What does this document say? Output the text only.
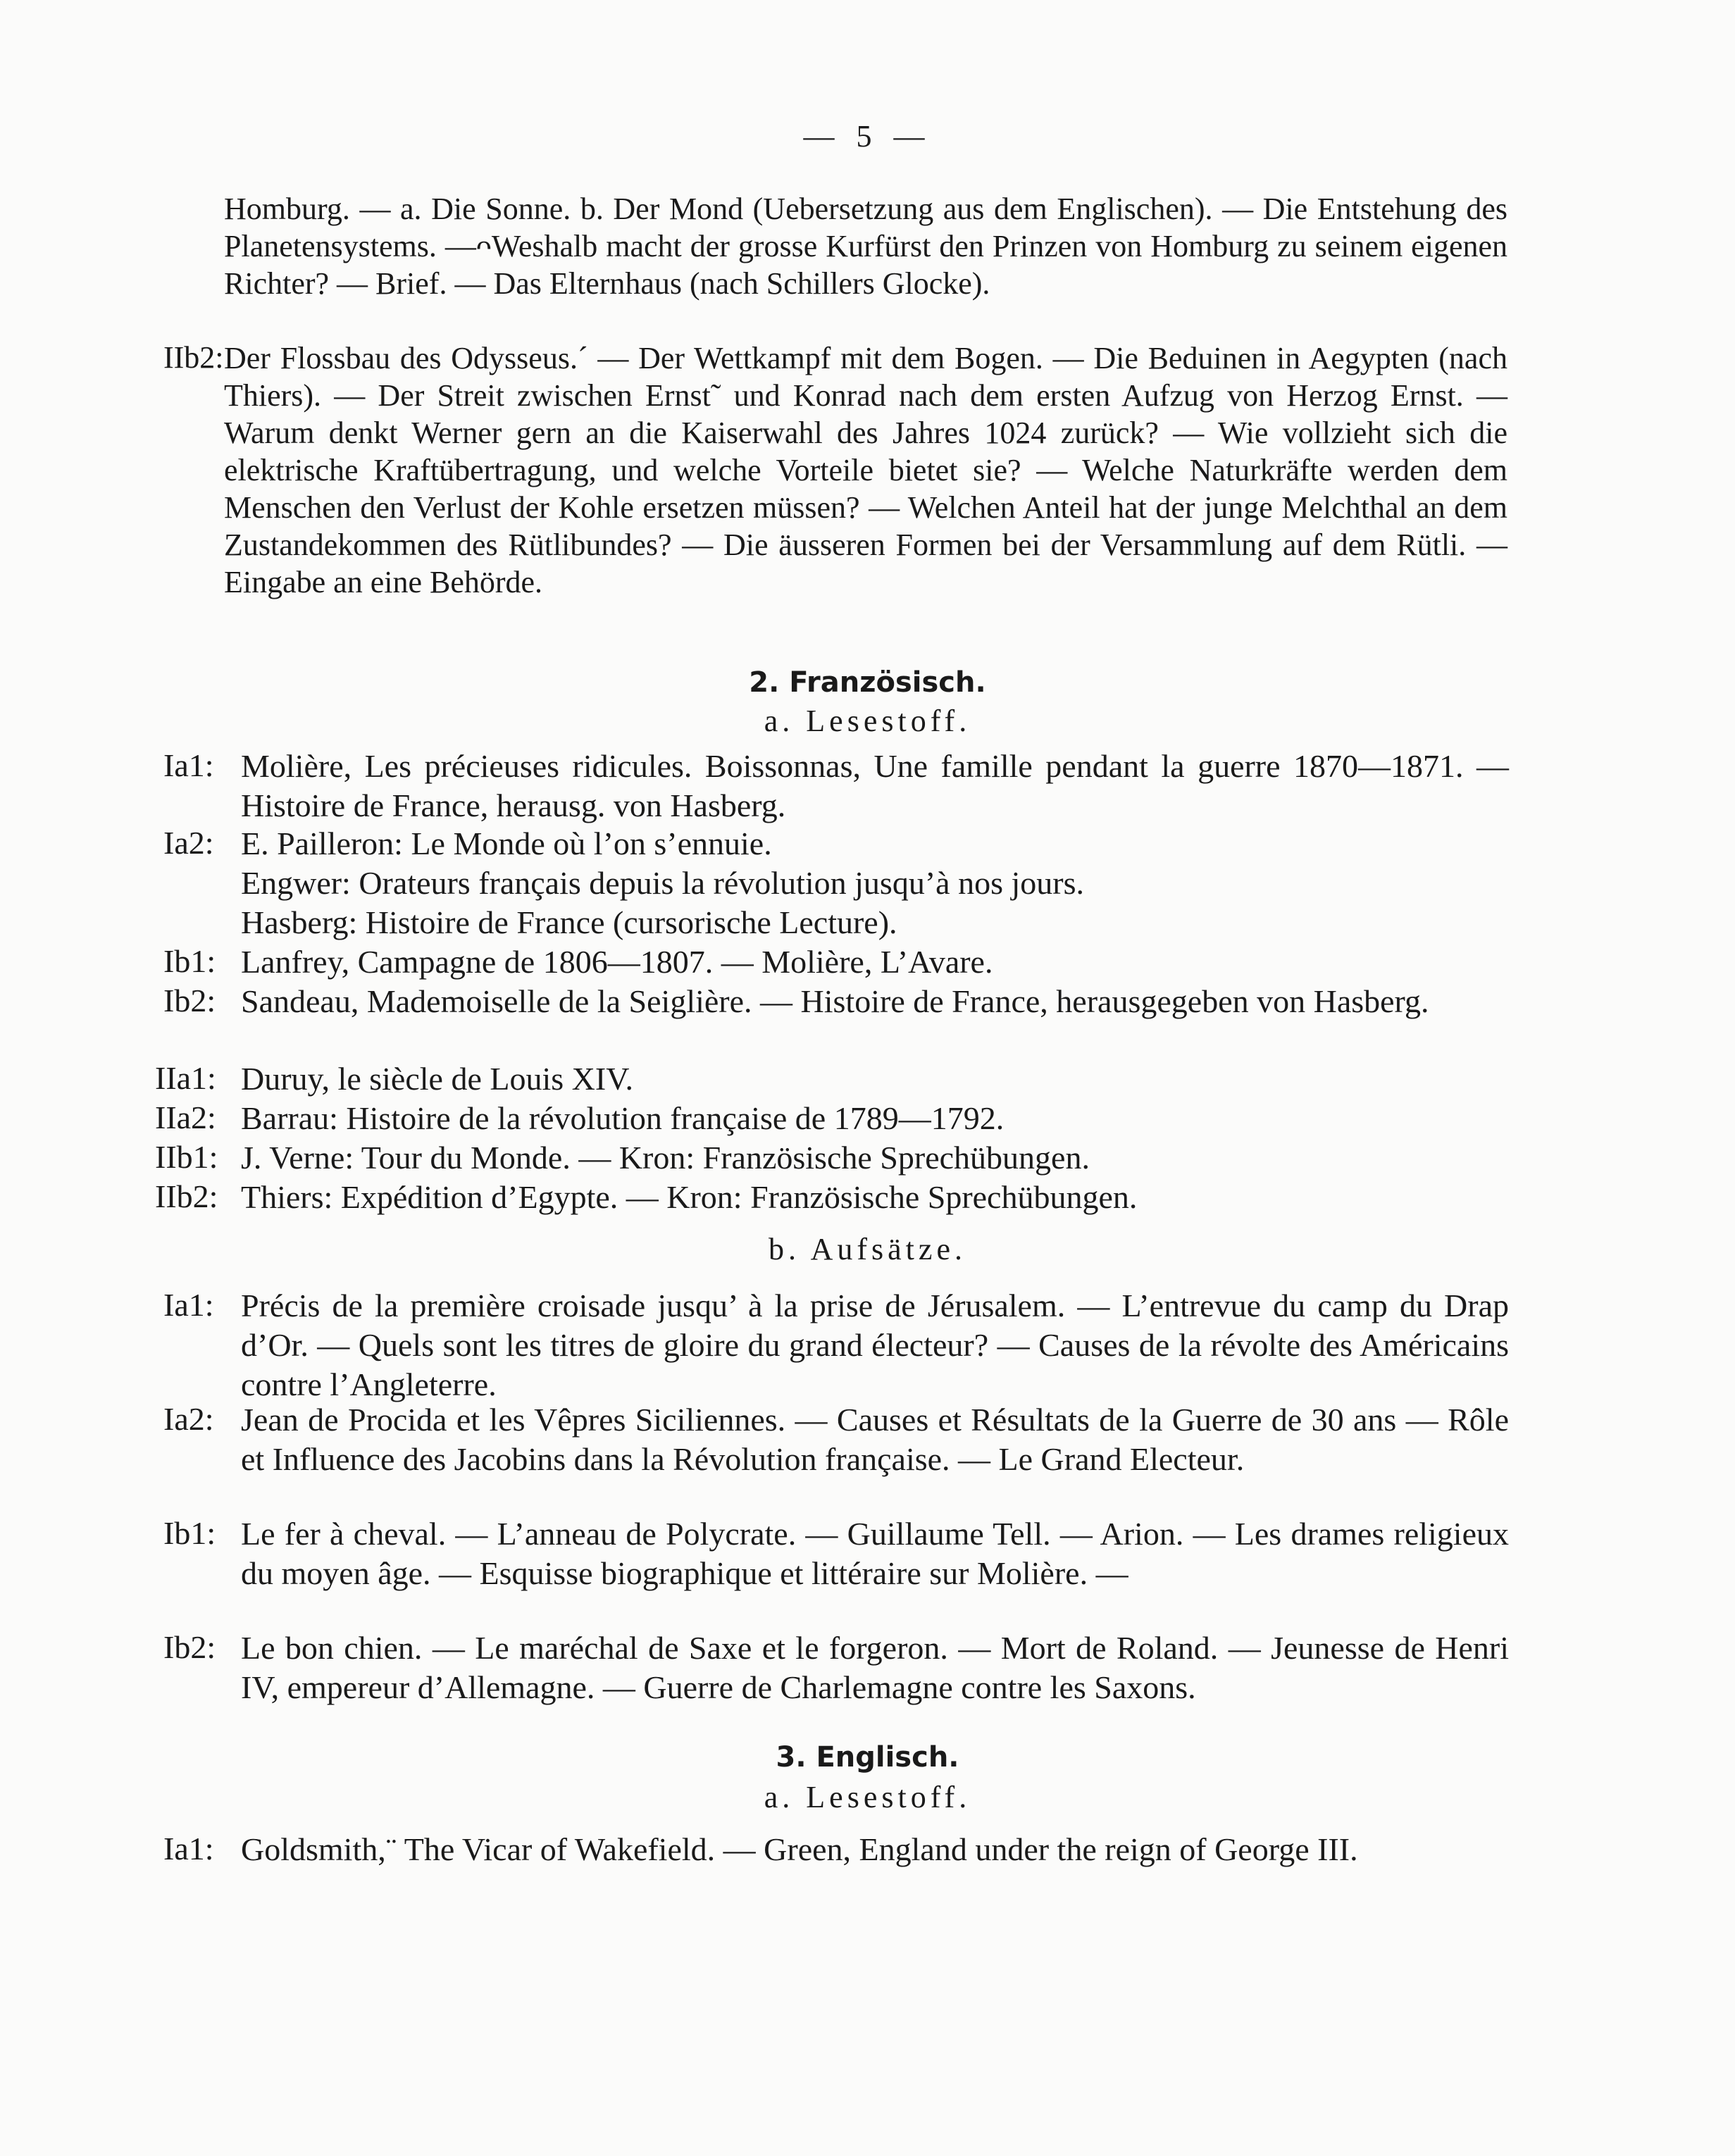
— 5 —
Homburg. — a. Die Sonne. b. Der Mond (Uebersetzung aus dem Englischen). — Die Entstehung des Planetensystems. —ᴖWeshalb macht der grosse Kurfürst den Prinzen von Homburg zu seinem eigenen Richter? — Brief. — Das Elternhaus (nach Schillers Glocke).
IIb2: Der Flossbau des Odysseus.´ — Der Wettkampf mit dem Bogen. — Die Beduinen in Aegypten (nach Thiers). — Der Streit zwischen Ernst˜ und Konrad nach dem ersten Aufzug von Herzog Ernst. — Warum denkt Werner gern an die Kaiserwahl des Jahres 1024 zurück? — Wie vollzieht sich die elektrische Kraftübertragung, und welche Vorteile bietet sie? — Welche Naturkräfte werden dem Menschen den Verlust der Kohle ersetzen müssen? — Welchen Anteil hat der junge Melchthal an dem Zustandekommen des Rütlibundes? — Die äusseren Formen bei der Versammlung auf dem Rütli. — Eingabe an eine Behörde.
2. Französisch.
a. Lesestoff.
Ia1: Molière, Les précieuses ridicules. Boissonnas, Une famille pendant la guerre 1870—1871. — Histoire de France, herausg. von Hasberg.
Ia2: E. Pailleron: Le Monde où l’on s’ennuie.
Engwer: Orateurs français depuis la révolution jusqu’à nos jours.
Hasberg: Histoire de France (cursorische Lecture).
Ib1: Lanfrey, Campagne de 1806—1807. — Molière, L’Avare.
Ib2: Sandeau, Mademoiselle de la Seiglière. — Histoire de France, herausgegeben von Hasberg.
IIa1: Duruy, le siècle de Louis XIV.
IIa2: Barrau: Histoire de la révolution française de 1789—1792.
IIb1: J. Verne: Tour du Monde. — Kron: Französische Sprechübungen.
IIb2: Thiers: Expédition d’Egypte. — Kron: Französische Sprechübungen.
b. Aufsätze.
Ia1: Précis de la première croisade jusqu’ à la prise de Jérusalem. — L’entrevue du camp du Drap d’Or. — Quels sont les titres de gloire du grand électeur? — Causes de la révolte des Américains contre l’Angleterre.
Ia2: Jean de Procida et les Vêpres Siciliennes. — Causes et Résultats de la Guerre de 30 ans — Rôle et Influence des Jacobins dans la Révolution française. — Le Grand Electeur.
Ib1: Le fer à cheval. — L’anneau de Polycrate. — Guillaume Tell. — Arion. — Les drames religieux du moyen âge. — Esquisse biographique et littéraire sur Molière. —
Ib2: Le bon chien. — Le maréchal de Saxe et le forgeron. — Mort de Roland. — Jeunesse de Henri IV, empereur d’Allemagne. — Guerre de Charlemagne contre les Saxons.
3. Englisch.
a. Lesestoff.
Ia1: Goldsmith,¨ The Vicar of Wakefield. — Green, England under the reign of George III.
